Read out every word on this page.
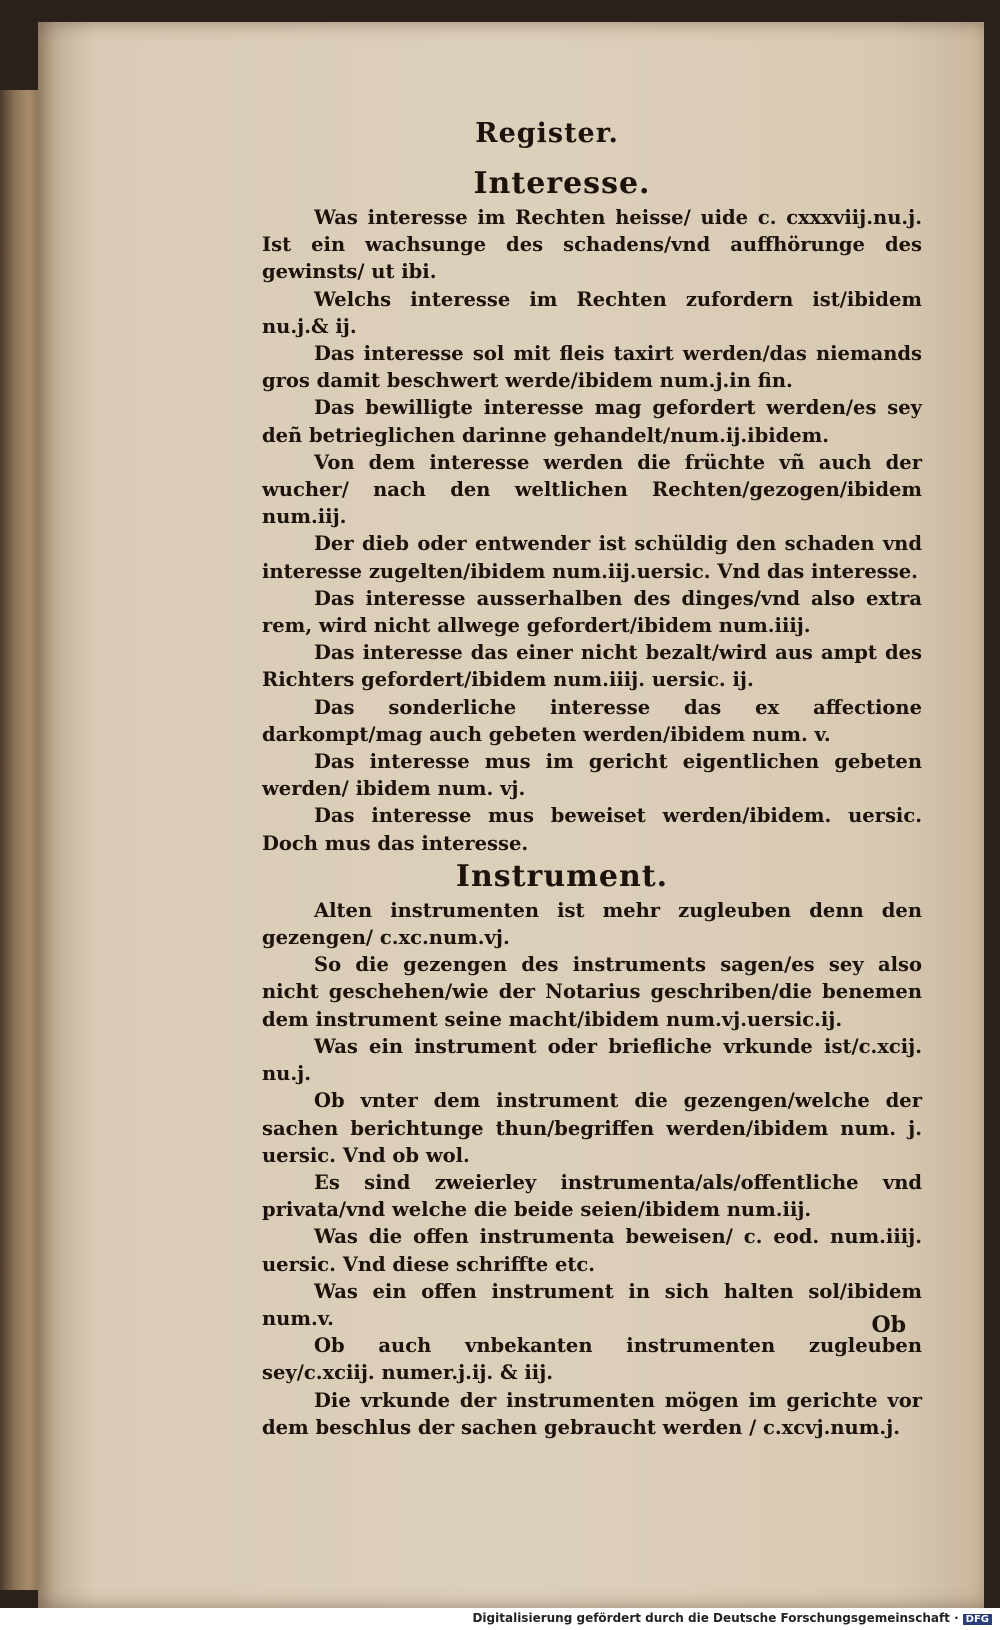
Register.
Interesse.

Was interesse im Rechten heisse/ uide c. cxxxviij.nu.j. Ist ein wachsunge des schadens/vnd auffhörunge des gewinsts/ ut ibi.

Welchs interesse im Rechten zufordern ist/ibidem nu.j.& ij.

Das interesse sol mit fleis taxirt werden/das niemands gros damit beschwert werde/ibidem num.j.in fin.

Das bewilligte interesse mag gefordert werden/es sey deñ betrieglichen darinne gehandelt/num.ij.ibidem.

Von dem interesse werden die früchte vñ auch der wucher/ nach den weltlichen Rechten/gezogen/ibidem num.iij.

Der dieb oder entwender ist schüldig den schaden vnd interesse zugelten/ibidem num.iij.uersic. Vnd das interesse.

Das interesse ausserhalben des dinges/vnd also extra rem, wird nicht allwege gefordert/ibidem num.iiij.

Das interesse das einer nicht bezalt/wird aus ampt des Richters gefordert/ibidem num.iiij. uersic. ij.

Das sonderliche interesse das ex affectione darkompt/mag auch gebeten werden/ibidem num. v.

Das interesse mus im gericht eigentlichen gebeten werden/ ibidem num. vj.

Das interesse mus beweiset werden/ibidem. uersic. Doch mus das interesse.

Instrument.

Alten instrumenten ist mehr zugleuben denn den gezengen/ c.xc.num.vj.

So die gezengen des instruments sagen/es sey also nicht geschehen/wie der Notarius geschriben/die benemen dem instrument seine macht/ibidem num.vj.uersic.ij.

Was ein instrument oder briefliche vrkunde ist/c.xcij. nu.j.

Ob vnter dem instrument die gezengen/welche der sachen berichtunge thun/begriffen werden/ibidem num. j. uersic. Vnd ob wol.

Es sind zweierley instrumenta/als/offentliche vnd privata/vnd welche die beide seien/ibidem num.iij.

Was die offen instrumenta beweisen/ c. eod. num.iiij. uersic. Vnd diese schriffte etc.

Was ein offen instrument in sich halten sol/ibidem num.v.

Ob auch vnbekanten instrumenten zugleuben sey/c.xciij. numer.j.ij. & iij.

Die vrkunde der instrumenten mögen im gerichte vor dem beschlus der sachen gebraucht werden / c.xcvj.num.j.

Ob
Digitalisierung gefördert durch die Deutsche Forschungsgemeinschaft · DFG
